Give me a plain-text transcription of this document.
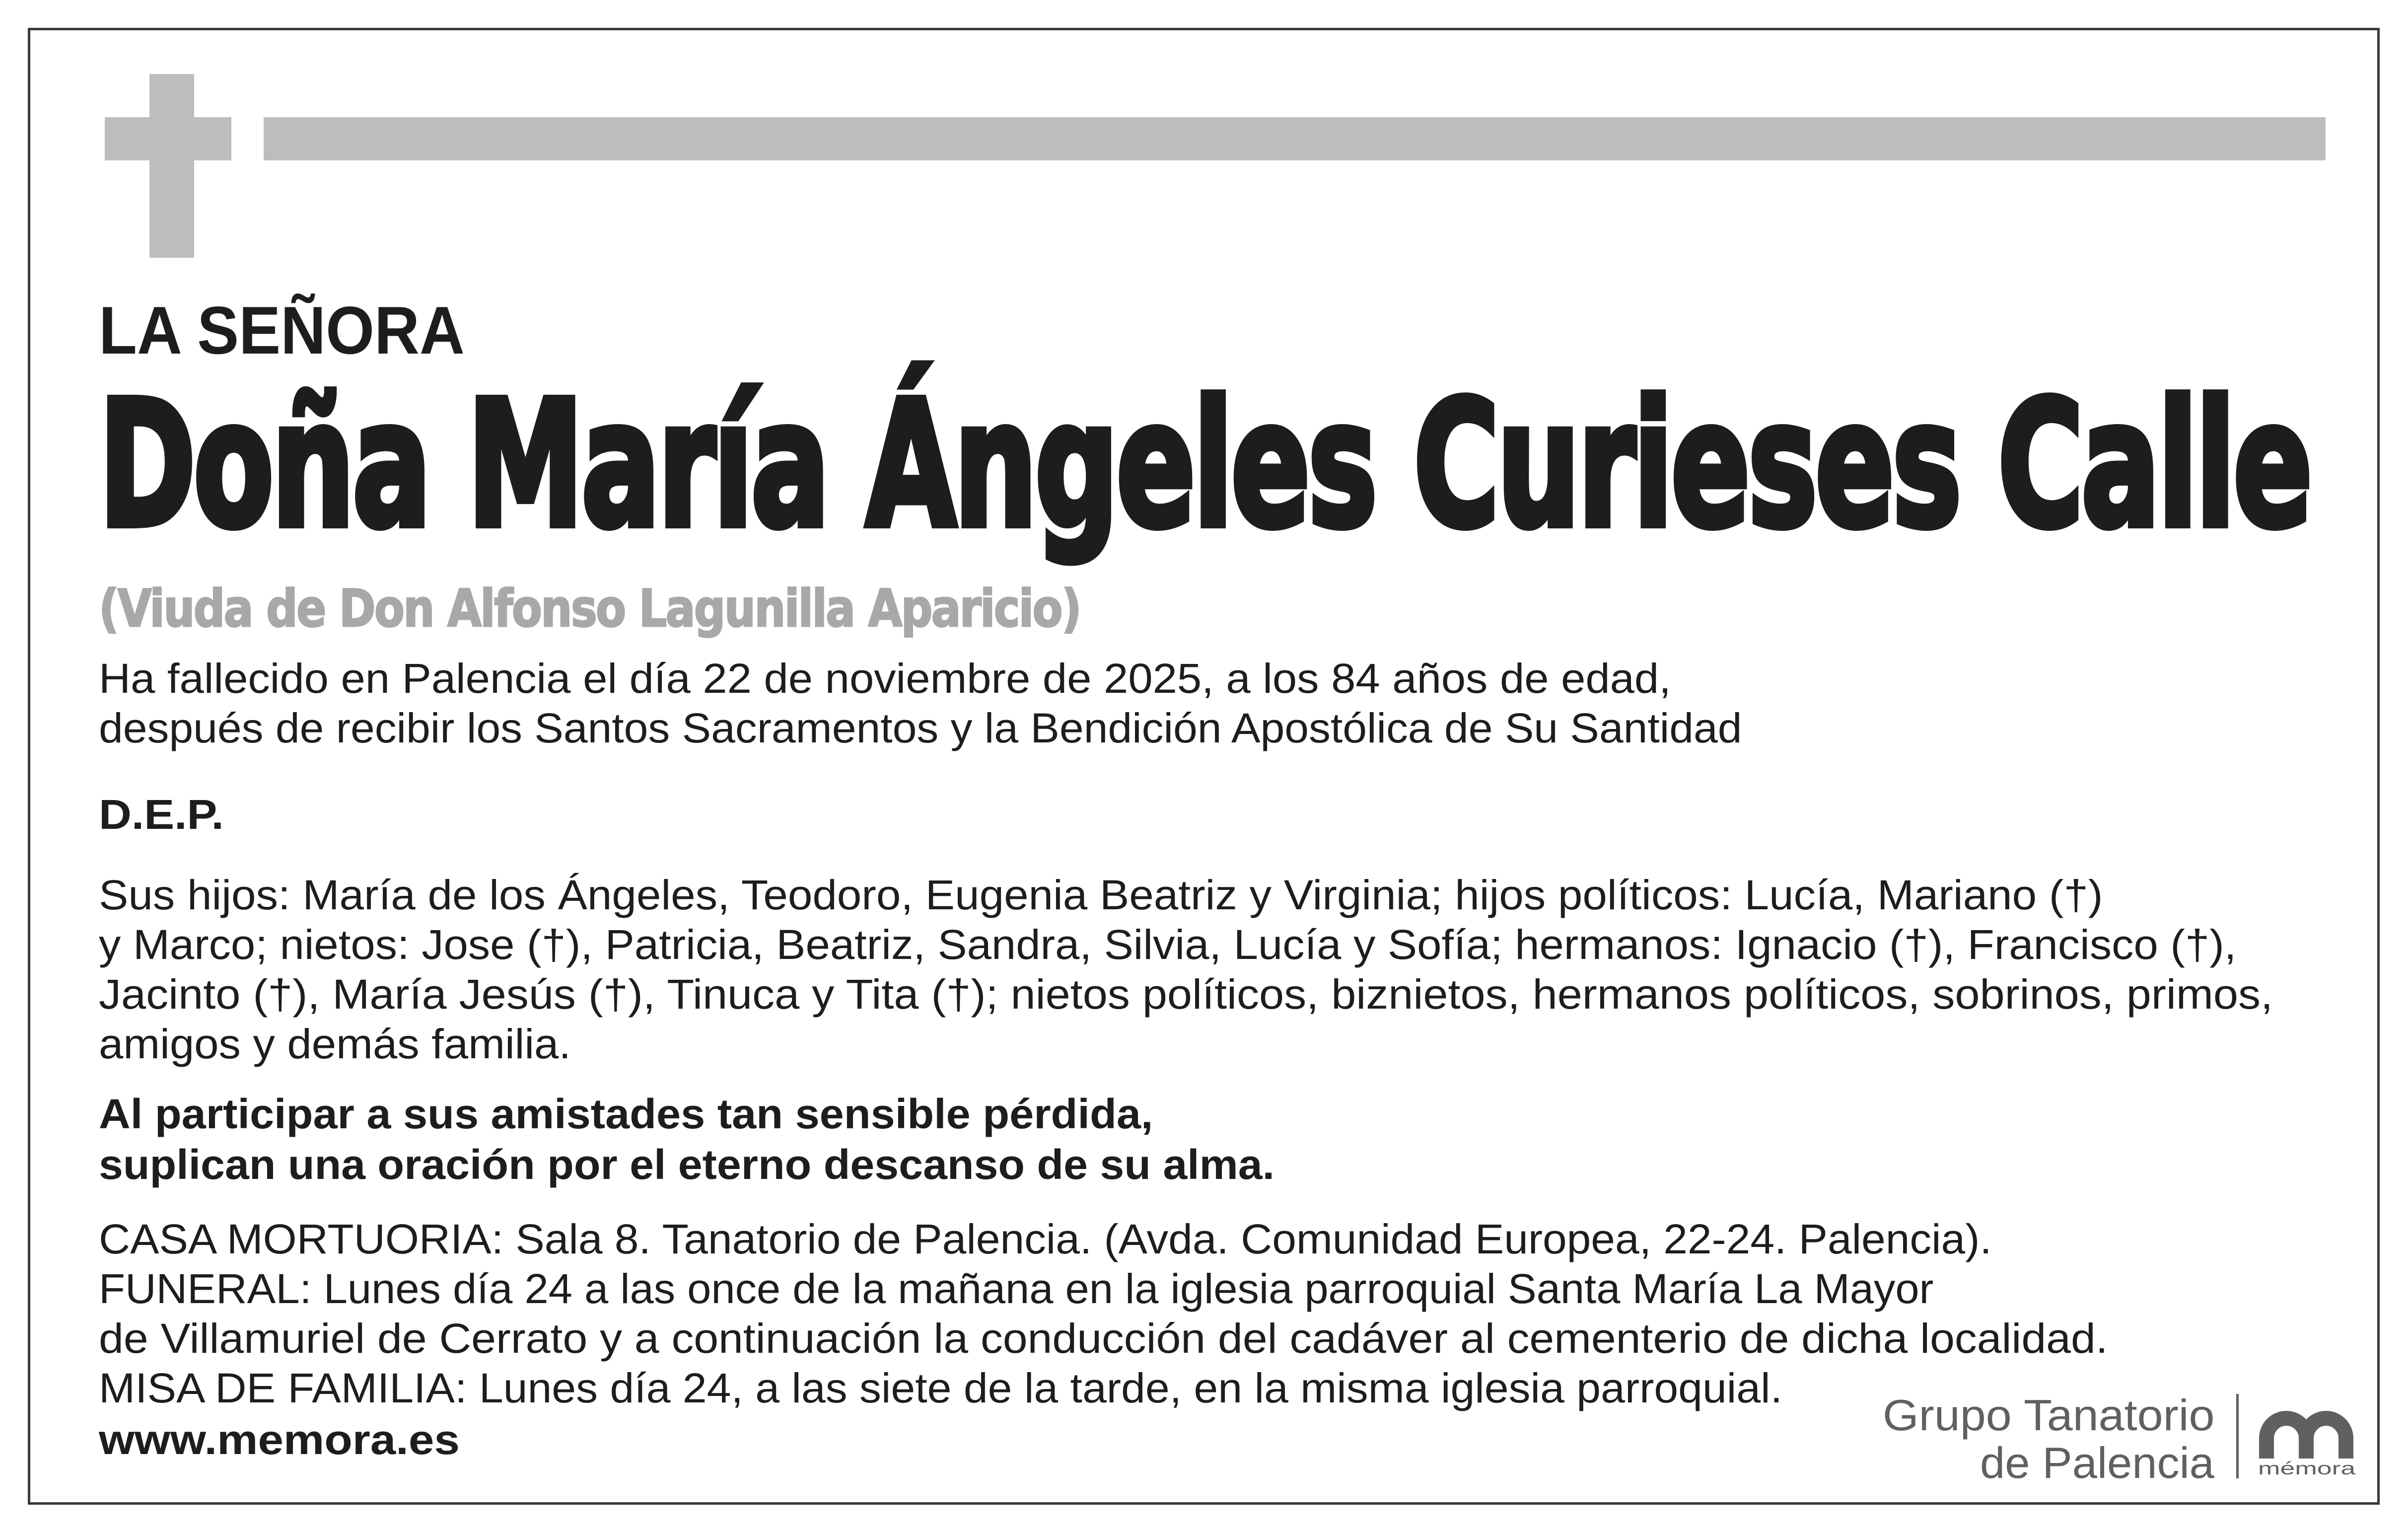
LA SEÑORA
Doña María Ángeles Curieses Calle
(Viuda de Don Alfonso Lagunilla Aparicio)
Ha fallecido en Palencia el día 22 de noviembre de 2025, a los 84 años de edad,
después de recibir los Santos Sacramentos y la Bendición Apostólica de Su Santidad
D.E.P.
Sus hijos: María de los Ángeles, Teodoro, Eugenia Beatriz y Virginia; hijos políticos: Lucía, Mariano (†)
y Marco; nietos: Jose (†), Patricia, Beatriz, Sandra, Silvia, Lucía y Sofía; hermanos: Ignacio (†), Francisco (†),
Jacinto (†), María Jesús (†), Tinuca y Tita (†); nietos políticos, biznietos, hermanos políticos, sobrinos, primos,
amigos y demás familia.
Al participar a sus amistades tan sensible pérdida,
suplican una oración por el eterno descanso de su alma.
CASA MORTUORIA: Sala 8. Tanatorio de Palencia. (Avda. Comunidad Europea, 22-24. Palencia).
FUNERAL: Lunes día 24 a las once de la mañana en la iglesia parroquial Santa María La Mayor
de Villamuriel de Cerrato y a continuación la conducción del cadáver al cementerio de dicha localidad.
MISA DE FAMILIA: Lunes día 24, a las siete de la tarde, en la misma iglesia parroquial.
www.memora.es	Grupo Tanatorio
de Palencia mémora
